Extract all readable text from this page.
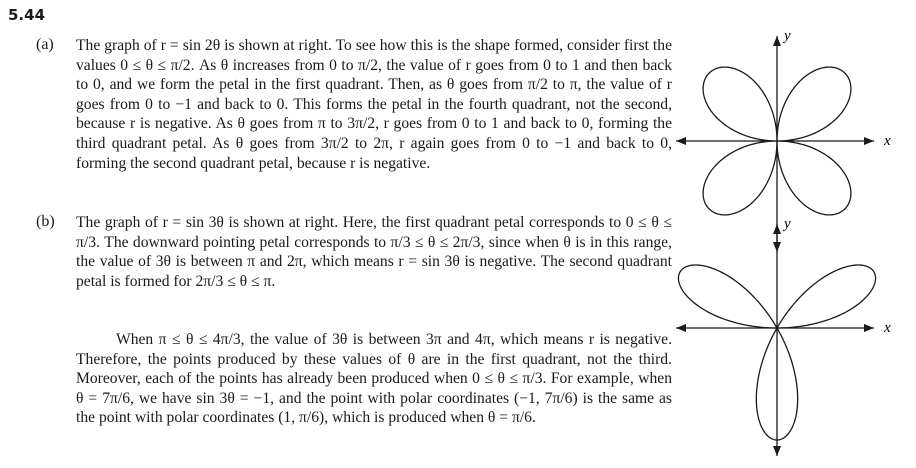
5.44
(a) The graph of r = sin 2θ is shown at right. To see how this is the shape formed, consider first the values 0 ≤ θ ≤ π/2. As θ increases from 0 to π/2, the value of r goes from 0 to 1 and then back to 0, and we form the petal in the first quadrant. Then, as θ goes from π/2 to π, the value of r goes from 0 to −1 and back to 0. This forms the petal in the fourth quadrant, not the second, because r is negative. As θ goes from π to 3π/2, r goes from 0 to 1 and back to 0, forming the third quadrant petal. As θ goes from 3π/2 to 2π, r again goes from 0 to −1 and back to 0, forming the second quadrant petal, because r is negative.

(b) The graph of r = sin 3θ is shown at right. Here, the first quadrant petal corresponds to 0 ≤ θ ≤ π/3. The downward pointing petal corresponds to π/3 ≤ θ ≤ 2π/3, since when θ is in this range, the value of 3θ is between π and 2π, which means r = sin 3θ is negative. The second quadrant petal is formed for 2π/3 ≤ θ ≤ π.

When π ≤ θ ≤ 4π/3, the value of 3θ is between 3π and 4π, which means r is negative. Therefore, the points produced by these values of θ are in the first quadrant, not the third. Moreover, each of the points has already been produced when 0 ≤ θ ≤ π/3. For example, when θ = 7π/6, we have sin 3θ = −1, and the point with polar coordinates (−1, 7π/6) is the same as the point with polar coordinates (1, π/6), which is produced when θ = π/6.

y
x
y
x
